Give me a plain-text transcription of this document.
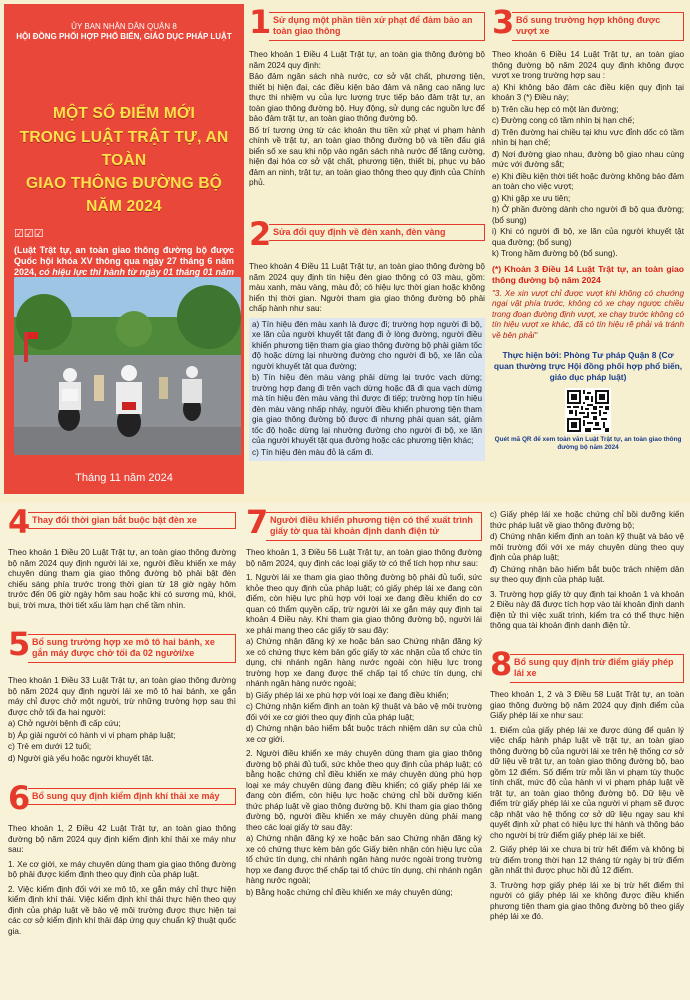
ỦY BAN NHÂN DÂN QUẬN 8
HỘI ĐỒNG PHỐI HỢP PHỔ BIẾN, GIÁO DỤC PHÁP LUẬT
MỘT SỐ ĐIỂM MỚI
TRONG LUẬT TRẬT TỰ, AN TOÀN
GIAO THÔNG ĐƯỜNG BỘ
NĂM 2024
☑☑☑
(Luật Trật tự, an toàn giao thông đường bộ được Quốc hội khóa XV thông qua ngày 27 tháng 6 năm 2024, có hiệu lực thi hành từ ngày 01 tháng 01 năm
Tháng 11 năm 2024
1 Sử dụng một phần tiền xử phạt để đảm bảo an toàn giao thông

Theo khoản 1 Điều 4 Luật Trật tự, an toàn gia thông đường bộ năm 2024 quy định:

Bảo đảm ngân sách nhà nước, cơ sở vật chất, phương tiện, thiết bị hiện đại, các điều kiện bảo đảm và nâng cao năng lực thực thi nhiệm vụ của lực lượng trực tiếp bảo đảm trật tự, an toàn giao thông đường bộ. Huy động, sử dụng các nguồn lực để bảo đảm trật tự, an toàn giao thông đường bộ.

Bố trí tương ứng từ các khoản thu tiền xử phạt vi phạm hành chính về trật tự, an toàn giao thông đường bộ và tiền đấu giá biển số xe sau khi nộp vào ngân sách nhà nước để tăng cường, hiện đại hóa cơ sở vật chất, phương tiện, thiết bị, phục vụ bảo đảm an ninh, trật tự, an toàn giao thông theo quy định của Chính phủ.

2 Sửa đổi quy định về đèn xanh, đèn vàng

Theo khoản 4 Điều 11 Luật Trật tự, an toàn giao thông đường bộ năm 2024 quy định tín hiệu đèn giao thông có 03 màu, gồm: màu xanh, màu vàng, màu đỏ; có hiệu lực thời gian hoặc không hiển thị thời gian. Người tham gia giao thông đường bộ phải chấp hành như sau:

a) Tín hiệu đèn màu xanh là được đi; trường hợp người đi bộ, xe lăn của người khuyết tật đang đi ở lòng đường, người điều khiển phương tiện tham gia giao thông đường bộ phải giảm tốc độ hoặc dừng lại nhường đường cho người đi bộ, xe lăn của người khuyết tật qua đường;

b) Tín hiệu đèn màu vàng phải dừng lại trước vạch dừng; trường hợp đang đi trên vạch dừng hoặc đã đi qua vạch dừng mà tín hiệu đèn màu vàng thì được đi tiếp; trường hợp tín hiệu đèn màu vàng nhấp nháy, người điều khiển phương tiện tham gia giao thông đường bộ được đi nhưng phải quan sát, giảm tốc độ hoặc dừng lại nhường đường cho người đi bộ, xe lăn của người khuyết tật qua đường hoặc các phương tiện khác;

c) Tín hiệu đèn màu đỏ là cấm đi.

3 Bổ sung trường hợp không được vượt xe

Theo khoản 6 Điều 14 Luật Trật tự, an toàn giao thông đường bộ năm 2024 quy định không được vượt xe trong trường hợp sau :

a) Khi không bảo đảm các điều kiện quy định tại khoản 3 (*) Điều này;

b) Trên cầu hẹp có một làn đường;

c) Đường cong có tầm nhìn bị hạn chế;

d) Trên đường hai chiều tại khu vực đỉnh dốc có tầm nhìn bị hạn chế;

đ) Nơi đường giao nhau, đường bộ giao nhau cùng mức với đường sắt;

e) Khi điều kiện thời tiết hoặc đường không bảo đảm an toàn cho việc vượt;

g) Khi gặp xe ưu tiên;

h) Ở phần đường dành cho người đi bộ qua đường; (bổ sung)

i) Khi có người đi bộ, xe lăn của người khuyết tật qua đường; (bổ sung)

k) Trong hầm đường bộ (bổ sung).

(*) Khoản 3 Điều 14 Luật Trật tự, an toàn giao thông đường bộ năm 2024
"3. Xe xin vượt chỉ được vượt khi không có chướng ngại vật phía trước, không có xe chạy ngược chiều trong đoạn đường định vượt, xe chạy trước không có tín hiệu vượt xe khác, đã có tín hiệu rẽ phải và tránh về bên phải"
Thực hiện bởi: Phòng Tư pháp Quận 8 (Cơ quan thường trực Hội đồng phối hợp phổ biến, giáo dục pháp luật)
Quét mã QR để xem toàn văn Luật Trật tự, an toàn giao thông đường bộ năm 2024
4 Thay đổi thời gian bắt buộc bật đèn xe

Theo khoản 1 Điều 20 Luật Trật tự, an toàn giao thông đường bộ năm 2024 quy định người lái xe, người điều khiển xe máy chuyên dùng tham gia giao thông đường bộ phải bật đèn chiếu sáng phía trước trong thời gian từ 18 giờ ngày hôm trước đến 06 giờ ngày hôm sau hoặc khi có sương mù, khói, bụi, trời mưa, thời tiết xấu làm hạn chế tầm nhìn.

5 Bổ sung trường hợp xe mô tô hai bánh, xe gắn máy được chở tối đa 02 người/xe

Theo khoản 1 Điều 33 Luật Trật tự, an toàn giao thông đường bộ năm 2024 quy định người lái xe mô tô hai bánh, xe gắn máy chỉ được chở một người, trừ những trường hợp sau thì được chở tối đa hai người:

a) Chở người bệnh đi cấp cứu;

b) Áp giải người có hành vi vi phạm pháp luật;

c) Trẻ em dưới 12 tuổi;

d) Người già yếu hoặc người khuyết tật.

6 Bổ sung quy định kiểm định khí thải xe máy

Theo khoản 1, 2 Điều 42 Luật Trật tự, an toàn giao thông đường bộ năm 2024 quy định kiểm định khí thải xe máy như sau:

1. Xe cơ giới, xe máy chuyên dùng tham gia giao thông đường bộ phải được kiểm định theo quy định của pháp luật.

2. Việc kiểm định đối với xe mô tô, xe gắn máy chỉ thực hiện kiểm định khí thải. Việc kiểm định khí thải thực hiện theo quy định của pháp luật về bảo vệ môi trường được thực hiện tại các cơ sở kiểm định khí thải đáp ứng quy chuẩn kỹ thuật quốc gia.

7 Người điều khiển phương tiện có thể xuất trình giấy tờ qua tài khoản định danh điện tử

Theo khoản 1, 3 Điều 56 Luật Trật tự, an toàn giao thông đường bộ năm 2024, quy định các loại giấy tờ có thể tích hợp như sau:

1. Người lái xe tham gia giao thông đường bộ phải đủ tuổi, sức khỏe theo quy định của pháp luật; có giấy phép lái xe đang còn điểm, còn hiệu lực phù hợp với loại xe đang điều khiển do cơ quan có thẩm quyền cấp, trừ người lái xe gắn máy quy định tại khoản 4 Điều này. Khi tham gia giao thông đường bộ, người lái xe phải mang theo các giấy tờ sau đây:

a) Chứng nhận đăng ký xe hoặc bản sao Chứng nhận đăng ký xe có chứng thực kèm bản gốc giấy tờ xác nhận của tổ chức tín dụng, chi nhánh ngân hàng nước ngoài còn hiệu lực trong trường hợp xe đang được thế chấp tại tổ chức tín dụng, chi nhánh ngân hàng nước ngoài;

b) Giấy phép lái xe phù hợp với loại xe đang điều khiển;

c) Chứng nhận kiểm định an toàn kỹ thuật và bảo vệ môi trường đối với xe cơ giới theo quy định của pháp luật;

d) Chứng nhận bảo hiểm bắt buộc trách nhiệm dân sự của chủ xe cơ giới.

2. Người điều khiển xe máy chuyên dùng tham gia giao thông đường bộ phải đủ tuổi, sức khỏe theo quy định của pháp luật; có bằng hoặc chứng chỉ điều khiển xe máy chuyên dùng phù hợp loại xe máy chuyên dùng đang điều khiển; có giấy phép lái xe đang còn điểm, còn hiệu lực hoặc chứng chỉ bồi dưỡng kiến thức pháp luật về giao thông đường bộ. Khi tham gia giao thông đường bộ, người điều khiển xe máy chuyên dùng phải mang theo các loại giấy tờ sau đây:

a) Chứng nhận đăng ký xe hoặc bản sao Chứng nhận đăng ký xe có chứng thực kèm bản gốc Giấy biên nhận còn hiệu lực của tổ chức tín dụng, chi nhánh ngân hàng nước ngoài trong trường hợp xe đang được thế chấp tại tổ chức tín dụng, chi nhánh ngân hàng nước ngoài;

b) Bằng hoặc chứng chỉ điều khiển xe máy chuyên dùng;

c) Giấy phép lái xe hoặc chứng chỉ bồi dưỡng kiến thức pháp luật về giao thông đường bộ;

d) Chứng nhận kiểm định an toàn kỹ thuật và bảo vệ môi trường đối với xe máy chuyên dùng theo quy định của pháp luật;

đ) Chứng nhận bảo hiểm bắt buộc trách nhiệm dân sự theo quy định của pháp luật.

3. Trường hợp giấy tờ quy định tại khoản 1 và khoản 2 Điều này đã được tích hợp vào tài khoản định danh điện tử thì việc xuất trình, kiểm tra có thể thực hiện thông qua tài khoản định danh điện tử.

8 Bổ sung quy định trừ điểm giấy phép lái xe

Theo khoản 1, 2 và 3 Điều 58 Luật Trật tự, an toàn giao thông đường bộ năm 2024 quy định điểm của Giấy phép lái xe như sau:

1. Điểm của giấy phép lái xe được dùng để quản lý việc chấp hành pháp luật về trật tự, an toàn giao thông đường bộ của người lái xe trên hệ thống cơ sở dữ liệu về trật tự, an toàn giao thông đường bộ, bao gồm 12 điểm. Số điểm trừ mỗi lần vi phạm tùy thuộc tính chất, mức độ của hành vi vi phạm pháp luật về trật tự, an toàn giao thông đường bộ. Dữ liệu về điểm trừ giấy phép lái xe của người vi phạm sẽ được cập nhật vào hệ thống cơ sở dữ liệu ngay sau khi quyết định xử phạt có hiệu lực thi hành và thông báo cho người bị trừ điểm giấy phép lái xe biết.

2. Giấy phép lái xe chưa bị trừ hết điểm và không bị trừ điểm trong thời hạn 12 tháng từ ngày bị trừ điểm gần nhất thì được phục hồi đủ 12 điểm.

3. Trường hợp giấy phép lái xe bị trừ hết điểm thì người có giấy phép lái xe không được điều khiển phương tiện tham gia giao thông đường bộ theo giấy phép lái xe đó.
